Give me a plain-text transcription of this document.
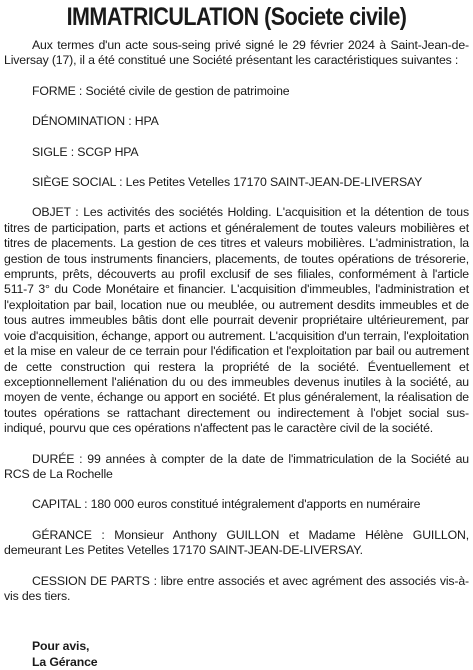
IMMATRICULATION (Societe civile)

Aux termes d'un acte sous-seing privé signé le 29 février 2024 à Saint-Jean-de-Liversay (17), il a été constitué une Société présentant les caractéristiques suivantes :

FORME : Société civile de gestion de patrimoine

DÉNOMINATION : HPA

SIGLE : SCGP HPA

SIÈGE SOCIAL : Les Petites Vetelles 17170 SAINT-JEAN-DE-LIVERSAY

OBJET : Les activités des sociétés Holding. L'acquisition et la détention de tous titres de participation, parts et actions et généralement de toutes valeurs mobilières et titres de placements. La gestion de ces titres et valeurs mobilières. L'administration, la gestion de tous instruments financiers, placements, de toutes opérations de trésorerie, emprunts, prêts, découverts au profil exclusif de ses filiales, conformément à l'article 511-7 3° du Code Monétaire et financier. L'acquisition d'immeubles, l'administration et l'exploitation par bail, location nue ou meublée, ou autrement desdits immeubles et de tous autres immeubles bâtis dont elle pourrait devenir propriétaire ultérieurement, par voie d'acquisition, échange, apport ou autrement. L'acquisition d'un terrain, l'exploitation et la mise en valeur de ce terrain pour l'édification et l'exploitation par bail ou autrement de cette construction qui restera la propriété de la société. Éventuellement et exceptionnellement l'aliénation du ou des immeubles devenus inutiles à la société, au moyen de vente, échange ou apport en société. Et plus généralement, la réalisation de toutes opérations se rattachant directement ou indirectement à l'objet social sus-indiqué, pourvu que ces opérations n'affectent pas le caractère civil de la société.

DURÉE : 99 années à compter de la date de l'immatriculation de la Société au RCS de La Rochelle

CAPITAL : 180 000 euros constitué intégralement d'apports en numéraire

GÉRANCE : Monsieur Anthony GUILLON et Madame Hélène GUILLON, demeurant Les Petites Vetelles 17170 SAINT-JEAN-DE-LIVERSAY.

CESSION DE PARTS : libre entre associés et avec agrément des associés vis-à-vis des tiers.

Pour avis,
La Gérance
